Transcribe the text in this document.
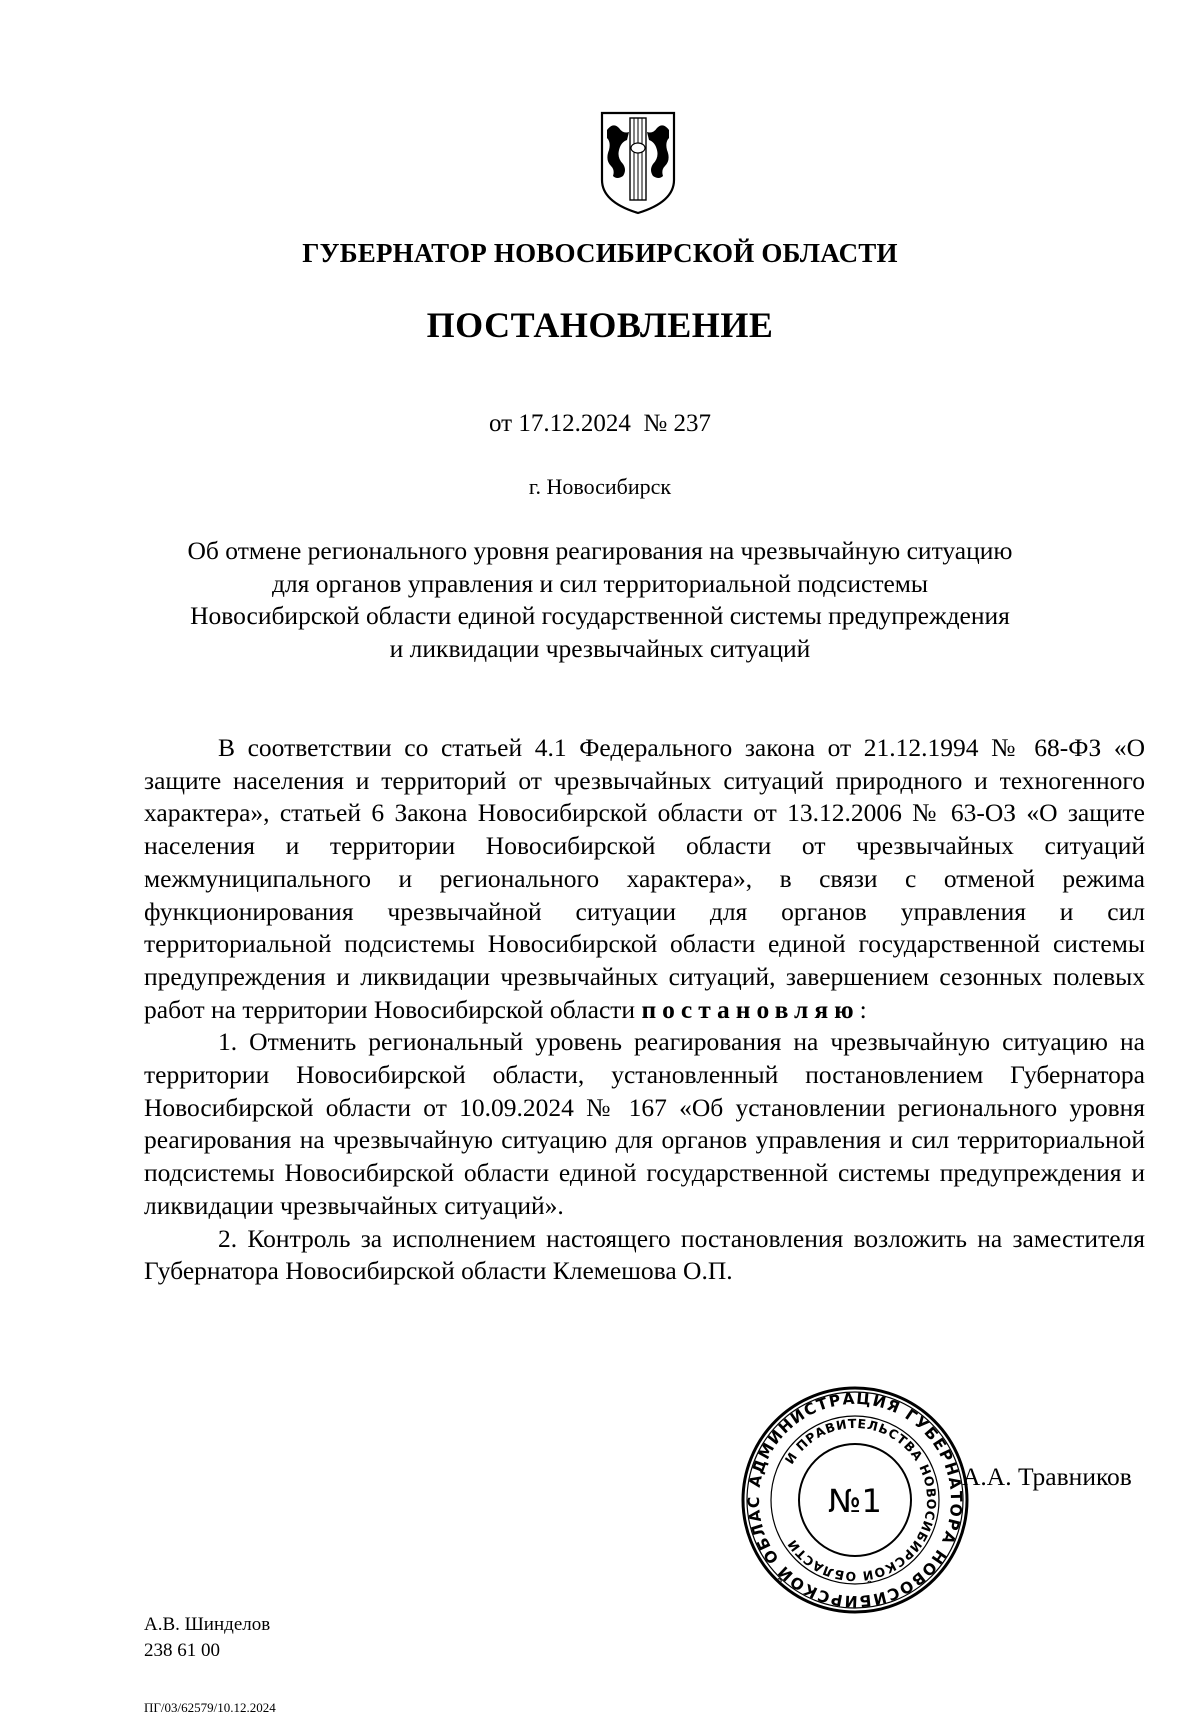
ГУБЕРНАТОР НОВОСИБИРСКОЙ ОБЛАСТИ
ПОСТАНОВЛЕНИЕ
от 17.12.2024  № 237
г. Новосибирск
Об отмене регионального уровня реагирования на чрезвычайную ситуацию
для органов управления и сил территориальной подсистемы
Новосибирской области единой государственной системы предупреждения
и ликвидации чрезвычайных ситуаций

В соответствии со статьей 4.1 Федерального закона от 21.12.1994 № 68-ФЗ «О защите населения и территорий от чрезвычайных ситуаций природного и техногенного характера», статьей 6 Закона Новосибирской области от 13.12.2006 № 63-ОЗ «О защите населения и территории Новосибирской области от чрезвычайных ситуаций межмуниципального и регионального характера», в связи с отменой режима функционирования чрезвычайной ситуации для органов управления и сил территориальной подсистемы Новосибирской области единой государственной системы предупреждения и ликвидации чрезвычайных ситуаций, завершением сезонных полевых работ на территории Новосибирской области постановляю:

1. Отменить региональный уровень реагирования на чрезвычайную ситуацию на территории Новосибирской области, установленный постановлением Губернатора Новосибирской области от 10.09.2024 № 167 «Об установлении регионального уровня реагирования на чрезвычайную ситуацию для органов управления и сил территориальной подсистемы Новосибирской области единой государственной системы предупреждения и ликвидации чрезвычайных ситуаций».

2. Контроль за исполнением настоящего постановления возложить на заместителя Губернатора Новосибирской области Клемешова О.П.

АДМИНИСТРАЦИЯ ГУБЕРНАТОРА НОВОСИБИРСКОЙ ОБЛАС
И ПРАВИТЕЛЬСТВА НОВОСИБИРСКОЙ ОБЛАСТИ
№1
А.А. Травников
А.В. Шинделов
238 61 00
ПГ/03/62579/10.12.2024
